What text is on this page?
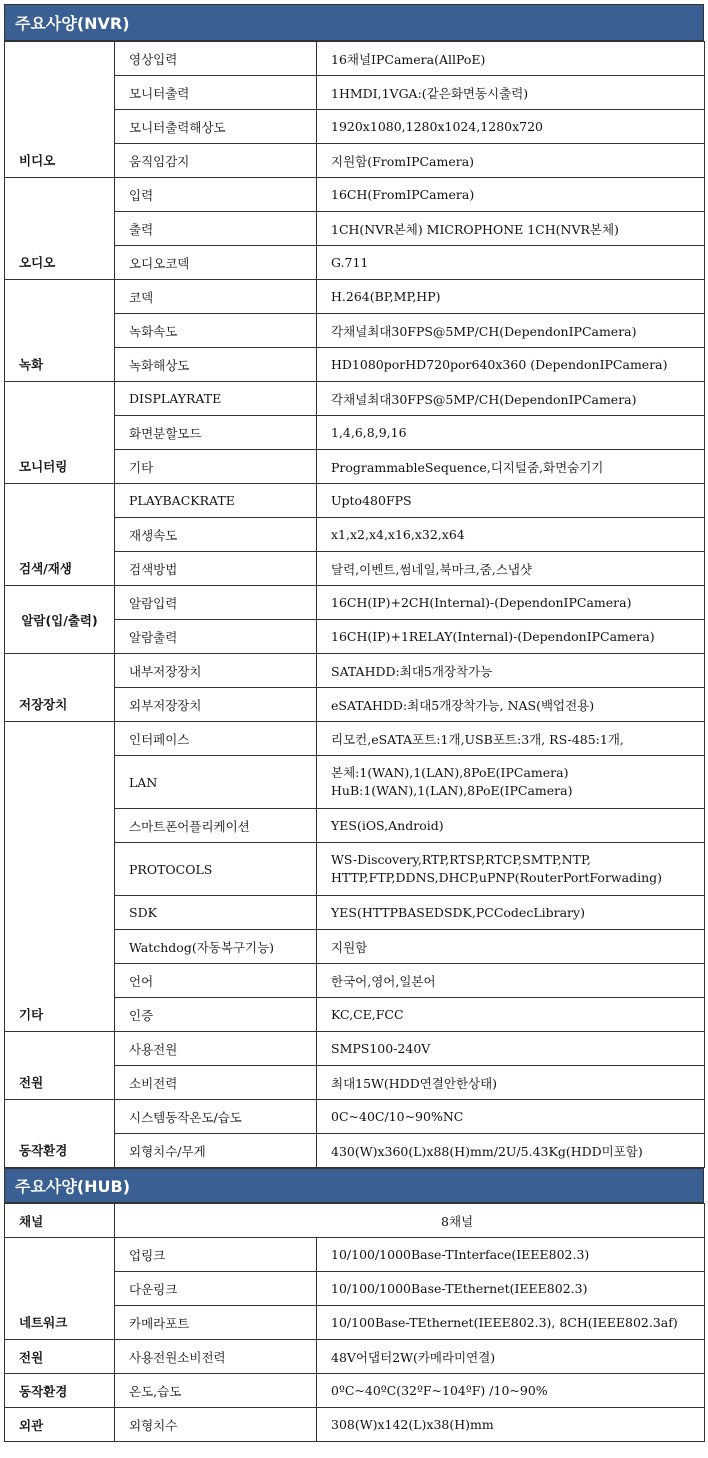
주요사양(NVR)
비디오	영상입력	16채널IPCamera(AllPoE)
	모니터출력	1HMDI,1VGA:(같은화면동시출력)
	모니터출력해상도	1920x1080,1280x1024,1280x720
	움직임감지	지원함(FromIPCamera)
오디오	입력	16CH(FromIPCamera)
	출력	1CH(NVR본체) MICROPHONE 1CH(NVR본체)
	오디오코덱	G.711
녹화	코덱	H.264(BP,MP,HP)
	녹화속도	각채널최대30FPS@5MP/CH(DependonIPCamera)
	녹화해상도	HD1080porHD720por640x360 (DependonIPCamera)
모니터링	DISPLAYRATE	각채널최대30FPS@5MP/CH(DependonIPCamera)
	화면분할모드	1,4,6,8,9,16
	기타	ProgrammableSequence,디지털줌,화면숨기기
검색/재생	PLAYBACKRATE	Upto480FPS
	재생속도	x1,x2,x4,x16,x32,x64
	검색방법	달력,이벤트,썸네일,북마크,줌,스냅샷
알람(입/출력)	알람입력	16CH(IP)+2CH(Internal)-(DependonIPCamera)
	알람출력	16CH(IP)+1RELAY(Internal)-(DependonIPCamera)
저장장치	내부저장장치	SATAHDD:최대5개장착가능
	외부저장장치	eSATAHDD:최대5개장착가능, NAS(백업전용)
기타	인터페이스	리모컨,eSATA포트:1개,USB포트:3개, RS-485:1개,
	LAN	본체:1(WAN),1(LAN),8PoE(IPCamera)
HuB:1(WAN),1(LAN),8PoE(IPCamera)

	스마트폰어플리케이션	YES(iOS,Android)
	PROTOCOLS	WS-Discovery,RTP,RTSP,RTCP,SMTP,NTP,
HTTP,FTP,DDNS,DHCP,uPNP(RouterPortForwading)

	SDK	YES(HTTPBASEDSDK,PCCodecLibrary)
	Watchdog(자동복구기능)	지원함
	언어	한국어,영어,일본어
	인증	KC,CE,FCC
전원	사용전원	SMPS100-240V
	소비전력	최대15W(HDD연결안한상태)
동작환경	시스템동작온도/습도	0C~40C/10~90%NC
	외형치수/무게	430(W)x360(L)x88(H)mm/2U/5.43Kg(HDD미포함)
주요사양(HUB)
채널	8채널	
네트워크	업링크	10/100/1000Base-TInterface(IEEE802.3)
	다운링크	10/100/1000Base-TEthernet(IEEE802.3)
	카메라포트	10/100Base-TEthernet(IEEE802.3), 8CH(IEEE802.3af)
전원	사용전원소비전력	48V어댑터2W(카메라미연결)
동작환경	온도,습도	0ºC~40ºC(32ºF~104ºF) /10~90%
외관	외형치수	308(W)x142(L)x38(H)mm
